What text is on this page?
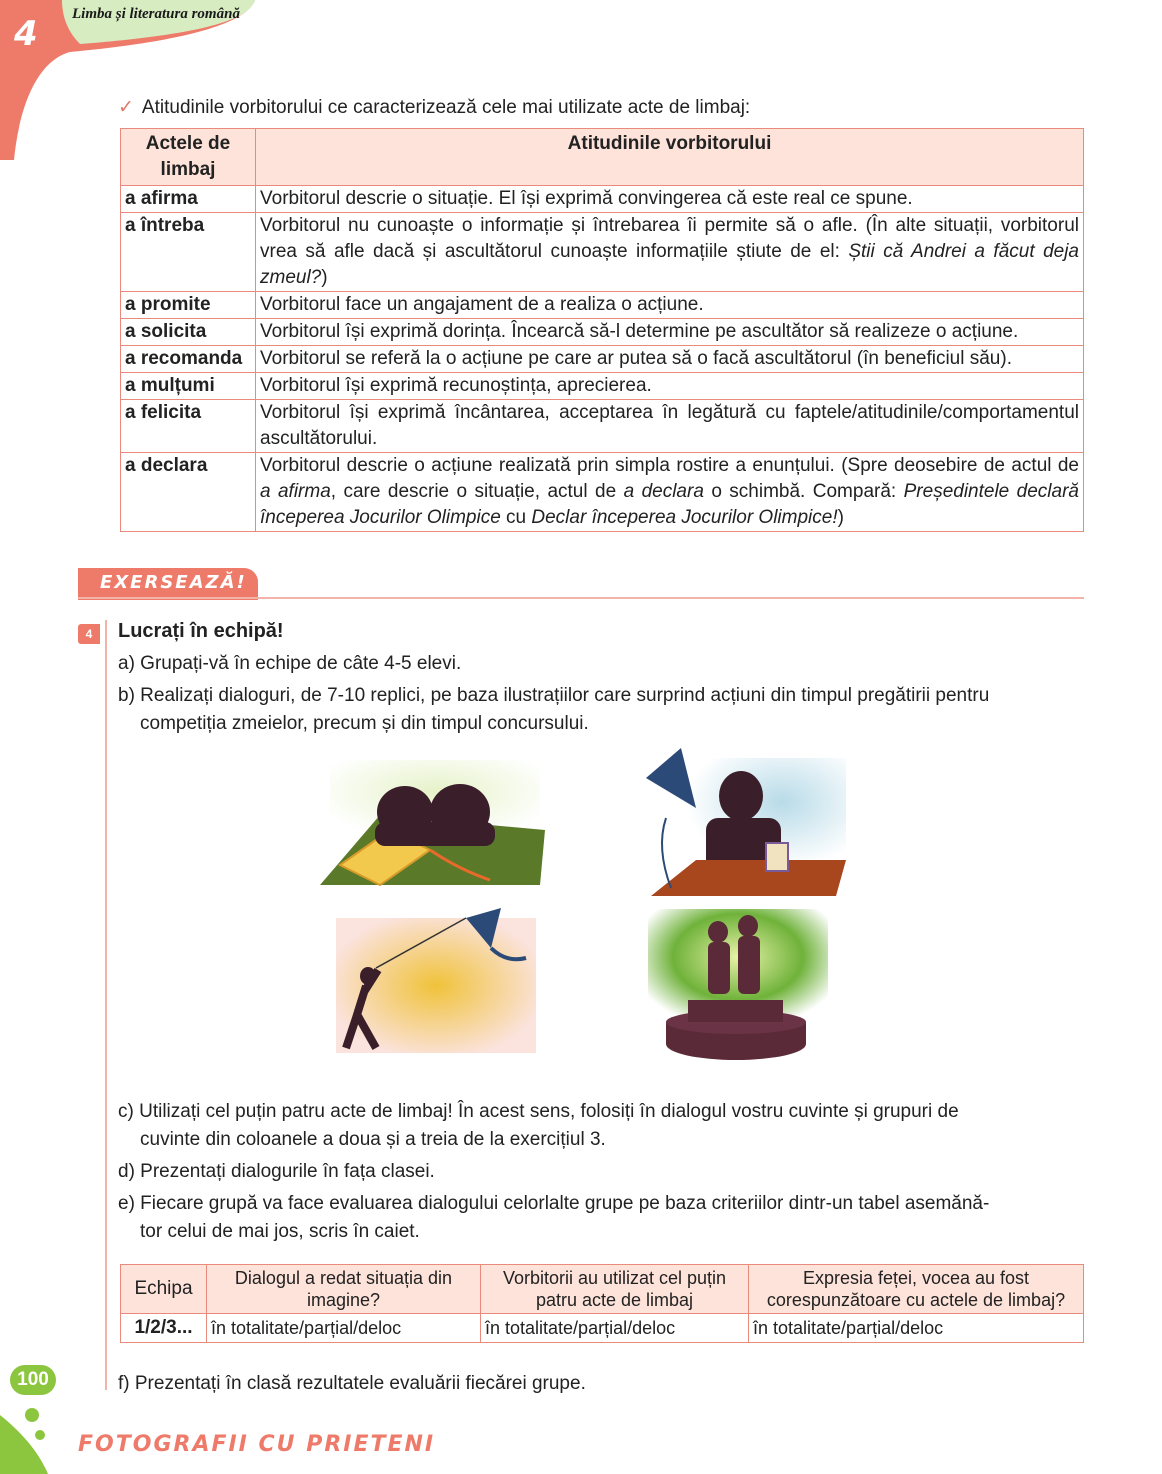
4 Limba și literatura română
✓ Atitudinile vorbitorului ce caracterizează cele mai utilizate acte de limbaj:
Actele de limbaj	Atitudinile vorbitorului
a afirma	Vorbitorul descrie o situație. El își exprimă convingerea că este real ce spune.
a întreba	Vorbitorul nu cunoaște o informație și întrebarea îi permite să o afle. (În alte situații, vorbitorul vrea să afle dacă și ascultătorul cunoaște informațiile știute de el: Știi că Andrei a făcut deja zmeul?)
a promite	Vorbitorul face un angajament de a realiza o acțiune.
a solicita	Vorbitorul își exprimă dorința. Încearcă să-l determine pe ascultător să realizeze o acțiune.
a recomanda	Vorbitorul se referă la o acțiune pe care ar putea să o facă ascultătorul (în beneficiul său).
a mulțumi	Vorbitorul își exprimă recunoștința, aprecierea.
a felicita	Vorbitorul își exprimă încântarea, acceptarea în legătură cu faptele/atitudinile/comportamentul ascultătorului.
a declara	Vorbitorul descrie o acțiune realizată prin simpla rostire a enunțului. (Spre deosebire de actul de a afirma, care descrie o situație, actul de a declara o schimbă. Compară: Președintele declară începerea Jocurilor Olimpice cu Declar începerea Jocurilor Olimpice!)
EXERSEAZĂ!
4	Lucrați în echipă!
a) Grupați-vă în echipe de câte 4-5 elevi.
b) Realizați dialoguri, de 7-10 replici, pe baza ilustrațiilor care surprind acțiuni din timpul pregătirii pentru
competiția zmeielor, precum și din timpul concursului.
c) Utilizați cel puțin patru acte de limbaj! În acest sens, folosiți în dialogul vostru cuvinte și grupuri de
cuvinte din coloanele a doua și a treia de la exercițiul 3.
d) Prezentați dialogurile în fața clasei.
e) Fiecare grupă va face evaluarea dialogului celorlalte grupe pe baza criteriilor dintr-un tabel asemănă-
tor celui de mai jos, scris în caiet.
Echipa	Dialogul a redat situația din imagine?	Vorbitorii au utilizat cel puțin patru acte de limbaj	Expresia feței, vocea au fost corespunzătoare cu actele de limbaj?
1/2/3...	în totalitate/parțial/deloc	în totalitate/parțial/deloc	în totalitate/parțial/deloc
f) Prezentați în clasă rezultatele evaluării fiecărei grupe.
100
FOTOGRAFII CU PRIETENI
